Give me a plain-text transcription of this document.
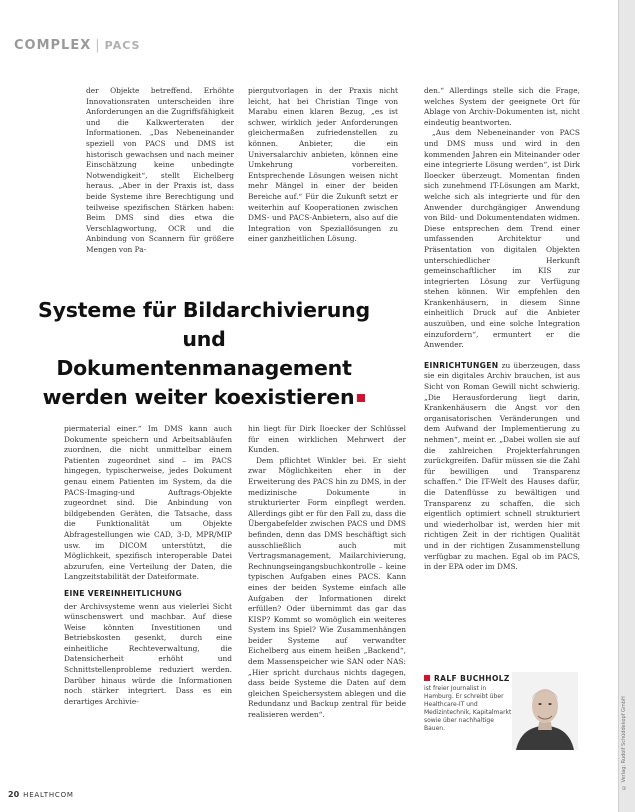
© Verlag: Rudolf Schüddekopf GmbH
COMPLEX | PACS

der Objekte betreffend. Erhöhte Innovationsraten unterscheiden ihre Anforderungen an die Zugriffsfähigkeit und die Kalkwerteraten der Informationen. „Das Nebeneinander speziell von PACS und DMS ist historisch gewachsen und nach meiner Einschätzung keine unbedingte Notwendigkeit“, stellt Eichelberg heraus. „Aber in der Praxis ist, dass beide Systeme ihre Berechtigung und teilweise spezifischen Stärken haben: Beim DMS sind dies etwa die Verschlagwortung, OCR und die Anbindung von Scannern für größere Mengen von Pa-

piergutvorlagen in der Praxis nicht leicht, hat bei Christian Tinge von Marabu einen klaren Bezug, „es ist schwer, wirklich jeder Anforderungen gleichermaßen zufriedenstellen zu können. Anbieter, die ein Universalarchiv anbieten, können eine Umkehrung vorbereiten. Entsprechende Lösungen weisen nicht mehr Mängel in einer der beiden Bereiche auf.“ Für die Zukunft setzt er weiterhin auf Kooperationen zwischen DMS- und PACS-Anbietern, also auf die Integration von Speziallösungen zu einer ganzheitlichen Lösung.

den.“ Allerdings stelle sich die Frage, welches System der geeignete Ort für Ablage von Archiv-Dokumenten ist, nicht eindeutig beantworten.

„Aus dem Nebeneinander von PACS und DMS muss und wird in den kommenden Jahren ein Miteinander oder eine integrierte Lösung werden“, ist Dirk Iloecker überzeugt. Momentan finden sich zunehmend IT-Lösungen am Markt, welche sich als integrierte und für den Anwender durchgängiger Anwendung von Bild- und Dokumentendaten widmen. Diese entsprechen dem Trend einer umfassenden Architektur und Präsentation von digitalen Objekten unterschiedlicher Herkunft gemeinschaftlicher im KIS zur integrierten Lösung zur Verfügung stehen können. Wir empfehlen den Krankenhäusern, in diesem Sinne einheitlich Druck auf die Anbieter auszuüben, und eine solche Integration einzufordern“, ermuntert er die Anwender.

EINRICHTUNGEN zu überzeugen, dass sie ein digitales Archiv brauchen, ist aus Sicht von Roman Gewill nicht schwierig. „Die Herausforderung liegt darin, Krankenhäusern die Angst vor den organisatorischen Veränderungen und dem Aufwand der Implementierung zu nehmen“, meint er. „Dabei wollen sie auf die zahlreichen Projekterfahrungen zurückgreifen. Dafür müssen sie die Zahl für bewilligen und Transparenz schaffen.“ Die IT-Welt des Hauses dafür, die Datenflüsse zu bewältigen und Transparenz zu schaffen, die sich eigentlich optimiert schnell strukturiert und wiederholbar ist, werden hier mit richtigen Zeit in der richtigen Qualität und in der richtigen Zusammenstellung verfügbar zu machen. Egal ob im PACS, in der EPA oder im DMS.

Systeme für Bildarchivierung
und Dokumentenmanagement
werden weiter koexistieren

piermaterial einer.“ Im DMS kann auch Dokumente speichern und Arbeitsabläufen zuordnen, die nicht unmittelbar einem Patienten zugeordnet sind – im PACS hingegen, typischerweise, jedes Dokument genau einem Patienten im System, da die PACS-Imaging-und Auftrags-Objekte zugeordnet sind. Die Anbindung von bildgebenden Geräten, die Tatsache, dass die Funktionalität um Objekte Abfragestellungen wie CAD, 3-D, MPR/MIP usw. im DICOM unterstützt, die Möglichkeit, spezifisch interoperable Datei abzurufen, eine Verteilung der Daten, die Langzeitstabilität der Dateiformate.

EINE VEREINHEITLICHUNG

der Archivsysteme wenn aus vielerlei Sicht wünschenswert und machbar. Auf diese Weise könnten Investitionen und Betriebskosten gesenkt, durch eine einheitliche Rechteverwaltung, die Datensicherheit erhöht und Schnittstellenprobleme reduziert werden. Darüber hinaus würde die Informationen noch stärker integriert. Dass es ein derartiges Archivie-

hin liegt für Dirk Iloecker der Schlüssel für einen wirklichen Mehrwert der Kunden.

Dem pflichtet Winkler bei. Er sieht zwar Möglichkeiten eher in der Erweiterung des PACS hin zu DMS, in der medizinische Dokumente in strukturierter Form einpflegt werden. Allerdings gibt er für den Fall zu, dass die Übergabefelder zwischen PACS und DMS befinden, denn das DMS beschäftigt sich ausschließlich auch mit Vertragsmanagement, Mailarchivierung, Rechnungseingangsbuchkontrolle – keine typischen Aufgaben eines PACS. Kann eines der beiden Systeme einfach alle Aufgaben der Informationen direkt erfüllen? Oder übernimmt das gar das KISP? Kommt so womöglich ein weiteres System ins Spiel? Wie Zusammenhängen beider Systeme auf verwandter Eichelberg aus einem heißen „Backend“, dem Massenspeicher wie SAN oder NAS: „Hier spricht durchaus nichts dagegen, dass beide Systeme die Daten auf dem gleichen Speichersystem ablegen und die Redundanz und Backup zentral für beide realisieren werden“.

RALF BUCHHOLZ
ist freier Journalist in Hamburg. Er schreibt über Healthcare-IT und Medizintechnik, Kapitalmarkt sowie über nachhaltige Bauen.
20 HEALTHCOM
